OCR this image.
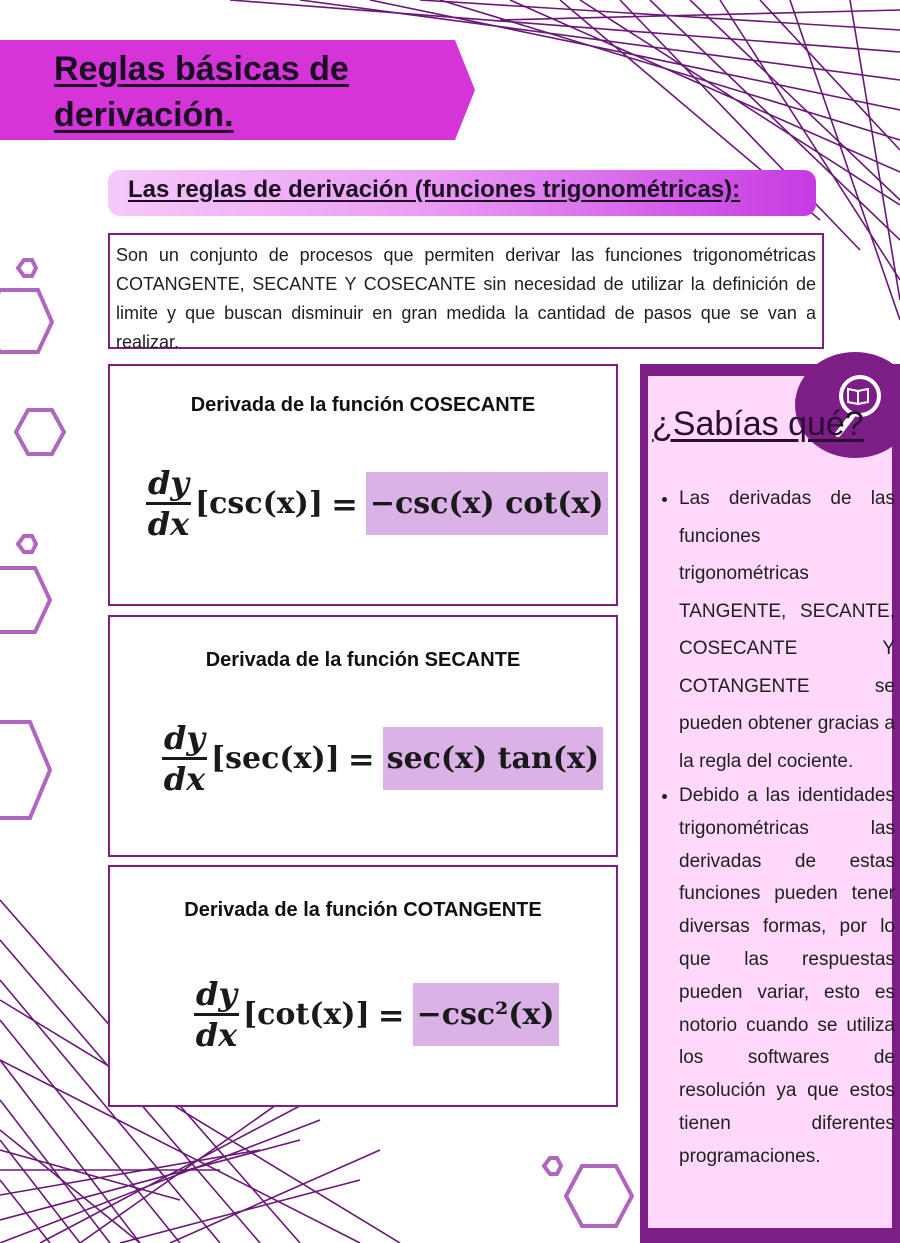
Reglas básicas de derivación.
Las reglas de derivación (funciones trigonométricas):
Son un conjunto de procesos que permiten derivar las funciones trigonométricas COTANGENTE, SECANTE Y COSECANTE sin necesidad de utilizar la definición de limite y que buscan disminuir en gran medida la cantidad de pasos que se van a realizar.
Derivada de la función COSECANTE
$\frac{dy}{dx} [\csc(x)] = -\csc(x)$ cot(x)
Derivada de la función SECANTE
$\frac{dy}{dx} [\sec(x)] = \sec(x)$ tan(x)
Derivada de la función COTANGENTE
$\frac{dy}{dx} [\cot(x)] = -\csc^2(x)$
¿Sabías qué?
• Las derivadas de las funciones trigonométricas TANGENTE, SECANTE, COSECANTE Y COTANGENTE se pueden obtener gracias a la regla del cociente.
• Debido a las identidades trigonométricas las derivadas de estas funciones pueden tener diversas formas, por lo que las respuestas pueden variar, esto es notorio cuando se utiliza los softwares de resolución ya que estos tienen diferentes programaciones.
